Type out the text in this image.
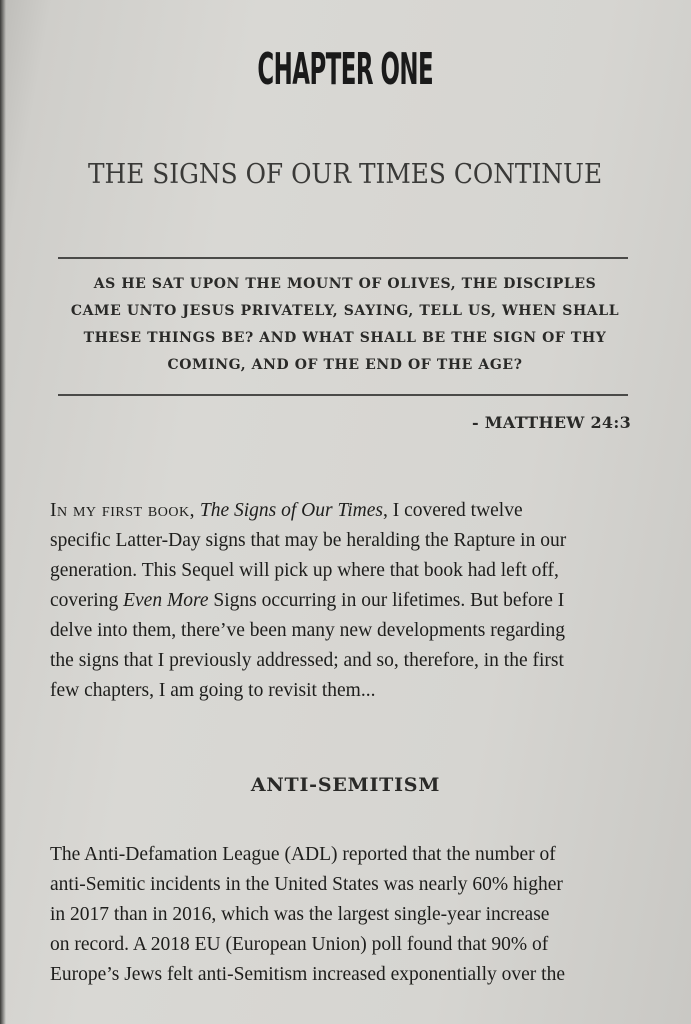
CHAPTER ONE
THE SIGNS OF OUR TIMES CONTINUE
AS HE SAT UPON THE MOUNT OF OLIVES, THE DISCIPLES
CAME UNTO JESUS PRIVATELY, SAYING, TELL US, WHEN SHALL
THESE THINGS BE? AND WHAT SHALL BE THE SIGN OF THY
COMING, AND OF THE END OF THE AGE?
- MATTHEW 24:3
In my first book, The Signs of Our Times, I covered twelve
specific Latter-Day signs that may be heralding the Rapture in our
generation. This Sequel will pick up where that book had left off,
covering Even More Signs occurring in our lifetimes. But before I
delve into them, there’ve been many new developments regarding
the signs that I previously addressed; and so, therefore, in the first
few chapters, I am going to revisit them...
ANTI-SEMITISM
The Anti-Defamation League (ADL) reported that the number of
anti-Semitic incidents in the United States was nearly 60% higher
in 2017 than in 2016, which was the largest single-year increase
on record. A 2018 EU (European Union) poll found that 90% of
Europe’s Jews felt anti-Semitism increased exponentially over the
